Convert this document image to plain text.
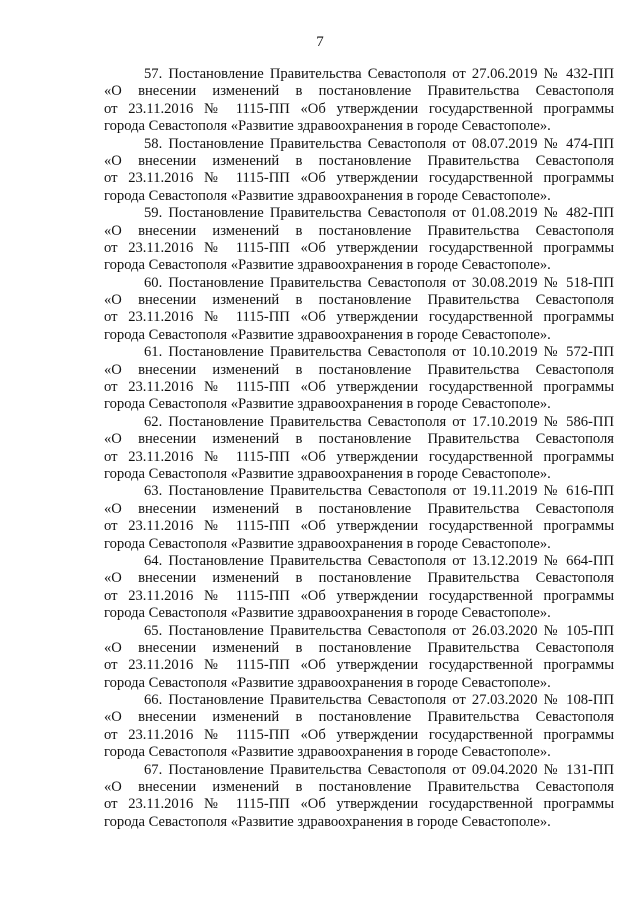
7
57. Постановление Правительства Севастополя от 27.06.2019 № 432-ПП
«О внесении изменений в постановление Правительства Севастополя
от 23.11.2016 № 1115-ПП «Об утверждении государственной программы
города Севастополя «Развитие здравоохранения в городе Севастополе».
58. Постановление Правительства Севастополя от 08.07.2019 № 474-ПП
«О внесении изменений в постановление Правительства Севастополя
от 23.11.2016 № 1115-ПП «Об утверждении государственной программы
города Севастополя «Развитие здравоохранения в городе Севастополе».
59. Постановление Правительства Севастополя от 01.08.2019 № 482-ПП
«О внесении изменений в постановление Правительства Севастополя
от 23.11.2016 № 1115-ПП «Об утверждении государственной программы
города Севастополя «Развитие здравоохранения в городе Севастополе».
60. Постановление Правительства Севастополя от 30.08.2019 № 518-ПП
«О внесении изменений в постановление Правительства Севастополя
от 23.11.2016 № 1115-ПП «Об утверждении государственной программы
города Севастополя «Развитие здравоохранения в городе Севастополе».
61. Постановление Правительства Севастополя от 10.10.2019 № 572-ПП
«О внесении изменений в постановление Правительства Севастополя
от 23.11.2016 № 1115-ПП «Об утверждении государственной программы
города Севастополя «Развитие здравоохранения в городе Севастополе».
62. Постановление Правительства Севастополя от 17.10.2019 № 586-ПП
«О внесении изменений в постановление Правительства Севастополя
от 23.11.2016 № 1115-ПП «Об утверждении государственной программы
города Севастополя «Развитие здравоохранения в городе Севастополе».
63. Постановление Правительства Севастополя от 19.11.2019 № 616-ПП
«О внесении изменений в постановление Правительства Севастополя
от 23.11.2016 № 1115-ПП «Об утверждении государственной программы
города Севастополя «Развитие здравоохранения в городе Севастополе».
64. Постановление Правительства Севастополя от 13.12.2019 № 664-ПП
«О внесении изменений в постановление Правительства Севастополя
от 23.11.2016 № 1115-ПП «Об утверждении государственной программы
города Севастополя «Развитие здравоохранения в городе Севастополе».
65. Постановление Правительства Севастополя от 26.03.2020 № 105-ПП
«О внесении изменений в постановление Правительства Севастополя
от 23.11.2016 № 1115-ПП «Об утверждении государственной программы
города Севастополя «Развитие здравоохранения в городе Севастополе».
66. Постановление Правительства Севастополя от 27.03.2020 № 108-ПП
«О внесении изменений в постановление Правительства Севастополя
от 23.11.2016 № 1115-ПП «Об утверждении государственной программы
города Севастополя «Развитие здравоохранения в городе Севастополе».
67. Постановление Правительства Севастополя от 09.04.2020 № 131-ПП
«О внесении изменений в постановление Правительства Севастополя
от 23.11.2016 № 1115-ПП «Об утверждении государственной программы
города Севастополя «Развитие здравоохранения в городе Севастополе».
